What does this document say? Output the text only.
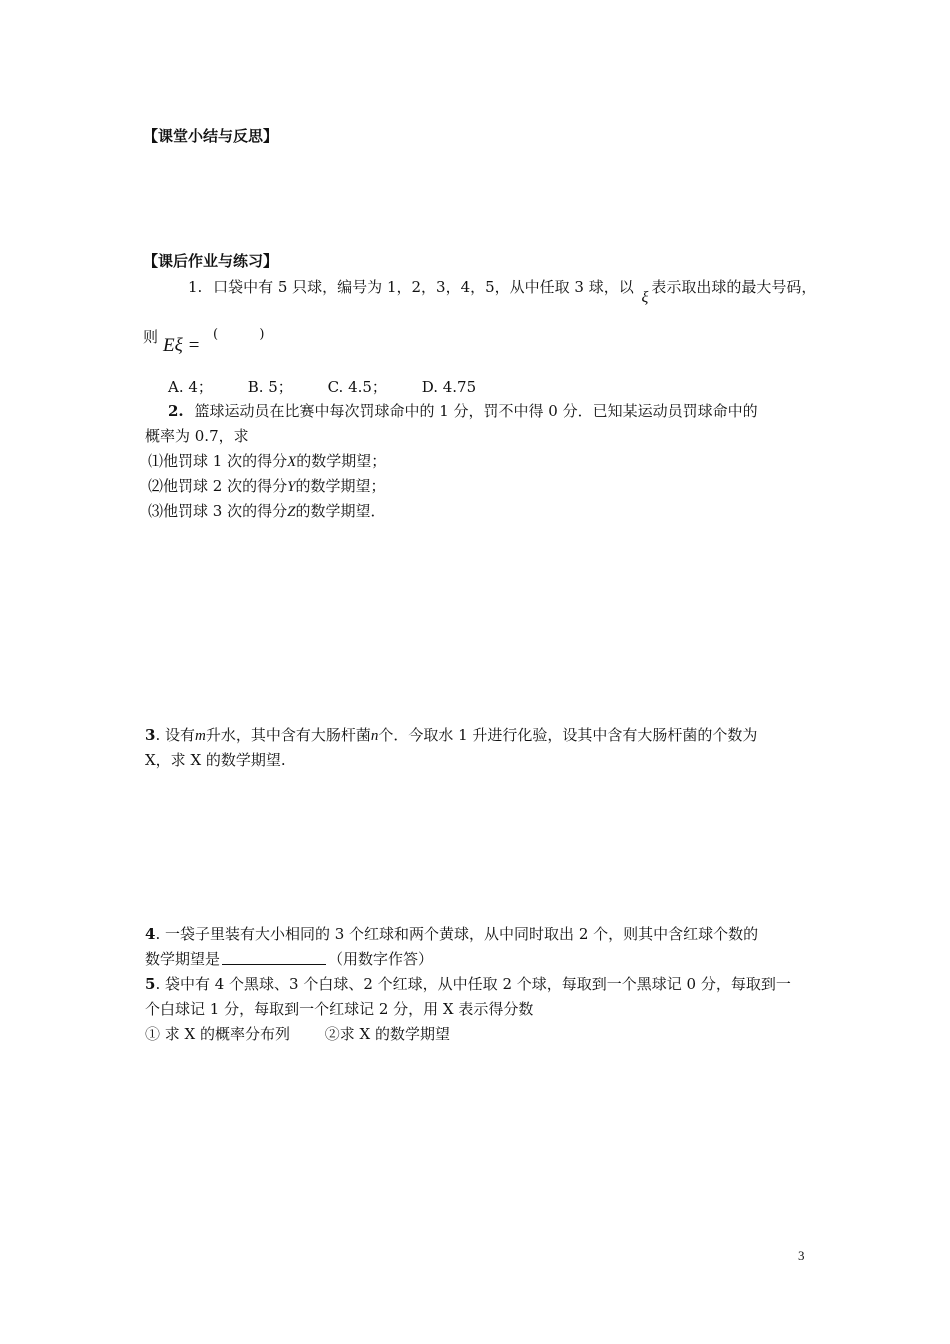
【课堂小结与反思】
【课后作业与练习】
1. 口袋中有 5 只球，编号为 1，2，3，4，5，从中任取 3 球，以 ξ表示取出球的最大号码，
则 Eξ =
(          )
A. 4； B. 5； C. 4.5； D. 4.75
2. 篮球运动员在比赛中每次罚球命中的 1 分，罚不中得 0 分．已知某运动员罚球命中的
概率为 0.7，求
⑴他罚球 1 次的得分X的数学期望；
⑵他罚球 2 次的得分Y的数学期望；
⑶他罚球 3 次的得分Z的数学期望．
3. 设有m升水，其中含有大肠杆菌n个．今取水 1 升进行化验，设其中含有大肠杆菌的个数为
X，求 X 的数学期望.
4. 一袋子里装有大小相同的 3 个红球和两个黄球，从中同时取出 2 个，则其中含红球个数的
数学期望是	（用数字作答）
5. 袋中有 4 个黑球、3 个白球、2 个红球，从中任取 2 个球，每取到一个黑球记 0 分，每取到一
个白球记 1 分，每取到一个红球记 2 分，用 X 表示得分数
① 求 X 的概率分布列 ②求 X 的数学期望
3
